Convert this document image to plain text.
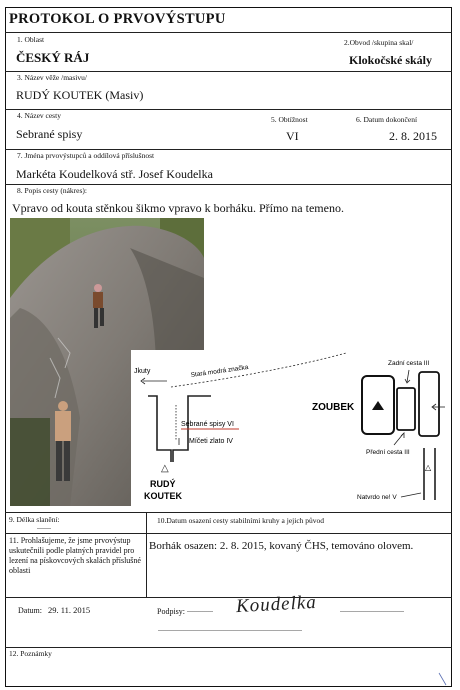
PROTOKOL O PRVOVÝSTUPU
1. Oblast
ČESKÝ RÁJ
2.Obvod /skupina skal/
Klokočské skály
3. Název věže /masivu/
RUDÝ KOUTEK (Masiv)
4. Název cesty
Sebrané spisy
5. Obtížnost
VI
6. Datum dokončení
2. 8. 2015
7. Jména prvovýstupců a oddílová příslušnost
Markéta Koudelková stř. Josef Koudelka
8. Popis cesty (nákres):
Vpravo od kouta stěnkou šikmo vpravo k borháku. Přímo na temeno.
Jkuty	Stará modrá značka
Sebrané spisy VI
Míčeti zlato IV
△
RUDÝ
KOUTEK
ZOUBEK
Zadní cesta III
Přední cesta III
△
Natvrdo ne! V
9. Délka slanění:
-------
10.Datum osazení cesty stabilními kruhy a jejich původ
11. Prohlašujeme, že jsme prvovýstup uskutečnili podle platných pravidel pro lezení na pískovcových skalách příslušné oblasti
Borhák osazen: 2. 8. 2015, kovaný ČHS, temováno olovem.
Datum: 29. 11. 2015	Podpisy: .............	................................
........................................................................
Koudelka
12. Poznámky
